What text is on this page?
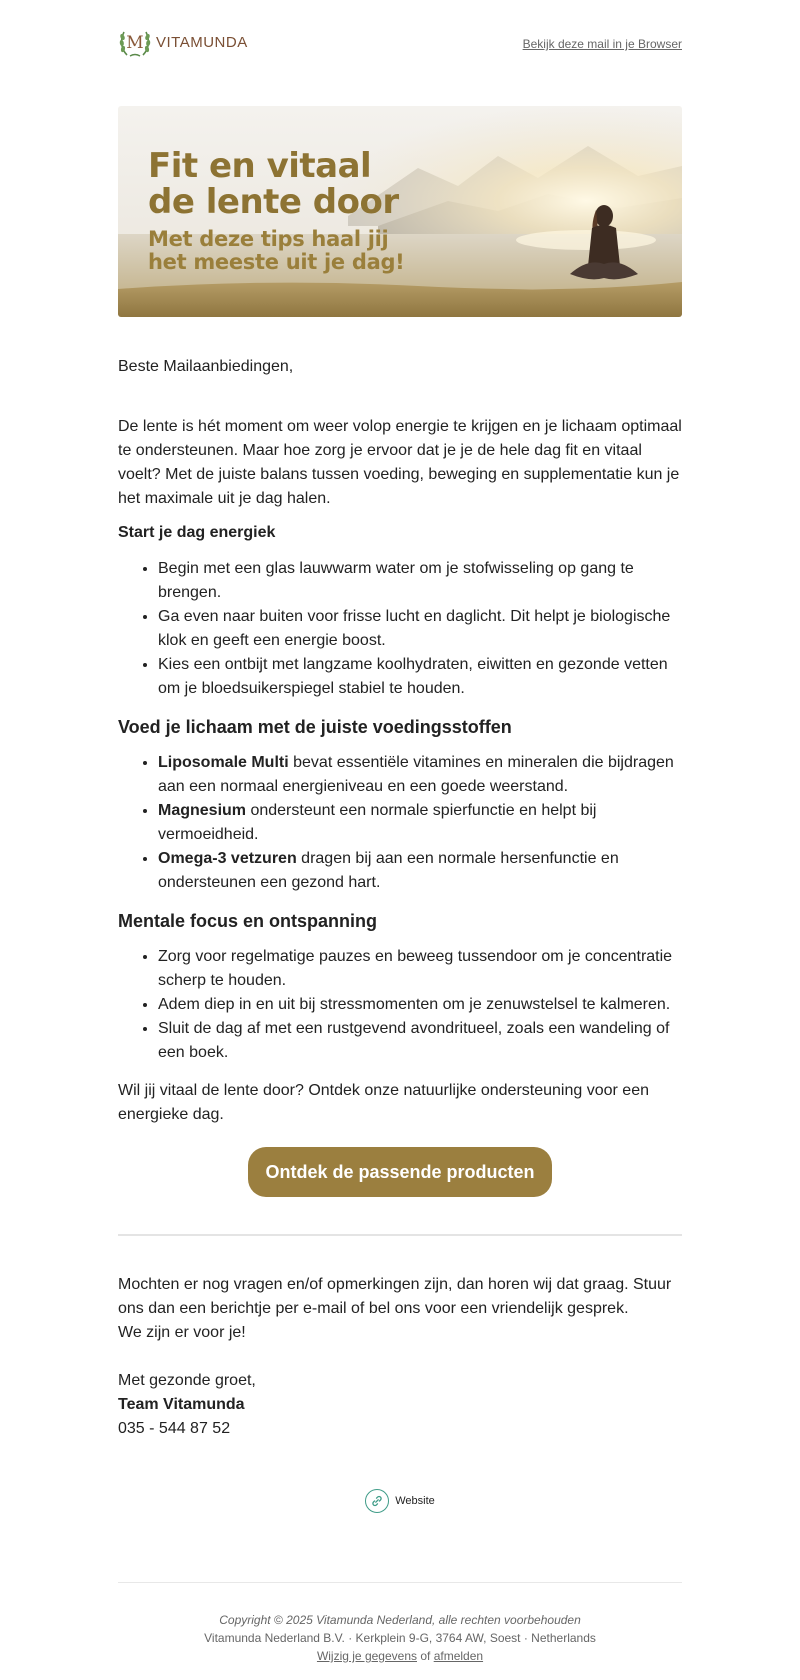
M VITAMUNDA	Bekijk deze mail in je Browser
Fit en vitaal
de lente door
Met deze tips haal jij
het meeste uit je dag!

Beste Mailaanbiedingen,

De lente is hét moment om weer volop energie te krijgen en je lichaam optimaal te ondersteunen. Maar hoe zorg je ervoor dat je je de hele dag fit en vitaal voelt? Met de juiste balans tussen voeding, beweging en supplementatie kun je het maximale uit je dag halen.

Start je dag energiek

• Begin met een glas lauwwarm water om je stofwisseling op gang te brengen.
• Ga even naar buiten voor frisse lucht en daglicht. Dit helpt je biologische klok en geeft een energie boost.
• Kies een ontbijt met langzame koolhydraten, eiwitten en gezonde vetten om je bloedsuikerspiegel stabiel te houden.

Voed je lichaam met de juiste voedingsstoffen

• Liposomale Multi bevat essentiële vitamines en mineralen die bijdragen aan een normaal energieniveau en een goede weerstand.
• Magnesium ondersteunt een normale spierfunctie en helpt bij vermoeidheid.
• Omega-3 vetzuren dragen bij aan een normale hersenfunctie en ondersteunen een gezond hart.

Mentale focus en ontspanning

• Zorg voor regelmatige pauzes en beweeg tussendoor om je concentratie scherp te houden.
• Adem diep in en uit bij stressmomenten om je zenuwstelsel te kalmeren.
• Sluit de dag af met een rustgevend avondritueel, zoals een wandeling of een boek.

Wil jij vitaal de lente door? Ontdek onze natuurlijke ondersteuning voor een energieke dag.

Ontdek de passende producten

Mochten er nog vragen en/of opmerkingen zijn, dan horen wij dat graag. Stuur ons dan een berichtje per e-mail of bel ons voor een vriendelijk gesprek.
We zijn er voor je!

Met gezonde groet,
Team Vitamunda
035 - 544 87 52

Website
Copyright © 2025 Vitamunda Nederland, alle rechten voorbehouden
Vitamunda Nederland B.V. · Kerkplein 9-G, 3764 AW, Soest · Netherlands
Wijzig je gegevens of afmelden
